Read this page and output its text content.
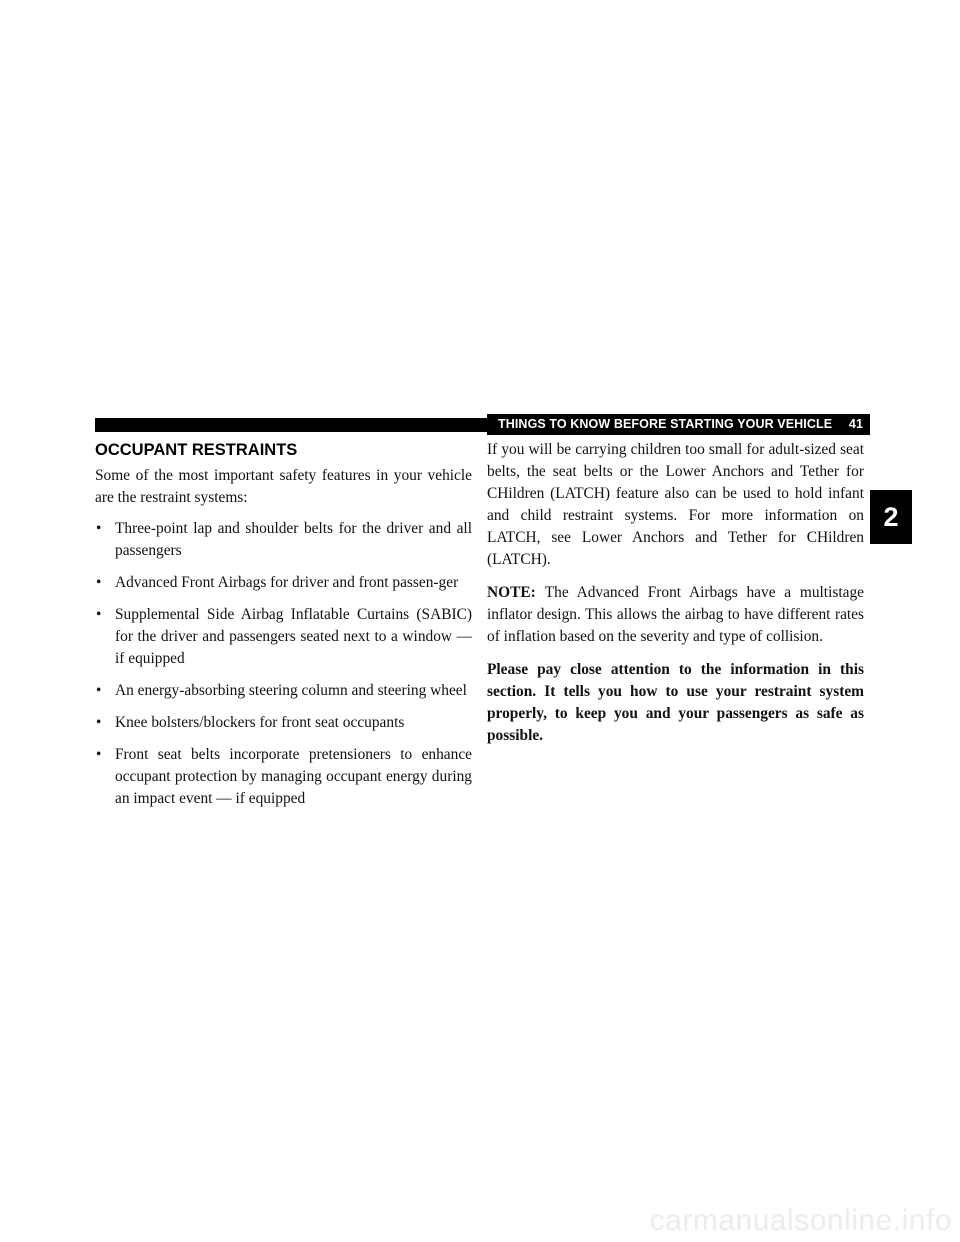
THINGS TO KNOW BEFORE STARTING YOUR VEHICLE 41
2
OCCUPANT RESTRAINTS

Some of the most important safety features in your vehicle are the restraint systems:

• Three-point lap and shoulder belts for the driver and all passengers
• Advanced Front Airbags for driver and front passen-ger
• Supplemental Side Airbag Inflatable Curtains (SABIC) for the driver and passengers seated next to a window — if equipped
• An energy-absorbing steering column and steering wheel
• Knee bolsters/blockers for front seat occupants
• Front seat belts incorporate pretensioners to enhance occupant protection by managing occupant energy during an impact event — if equipped

If you will be carrying children too small for adult-sized seat belts, the seat belts or the Lower Anchors and Tether for CHildren (LATCH) feature also can be used to hold infant and child restraint systems. For more information on LATCH, see Lower Anchors and Tether for CHildren (LATCH).

NOTE: The Advanced Front Airbags have a multistage inflator design. This allows the airbag to have different rates of inflation based on the severity and type of collision.

Please pay close attention to the information in this section. It tells you how to use your restraint system properly, to keep you and your passengers as safe as possible.

carmanualsonline.info
